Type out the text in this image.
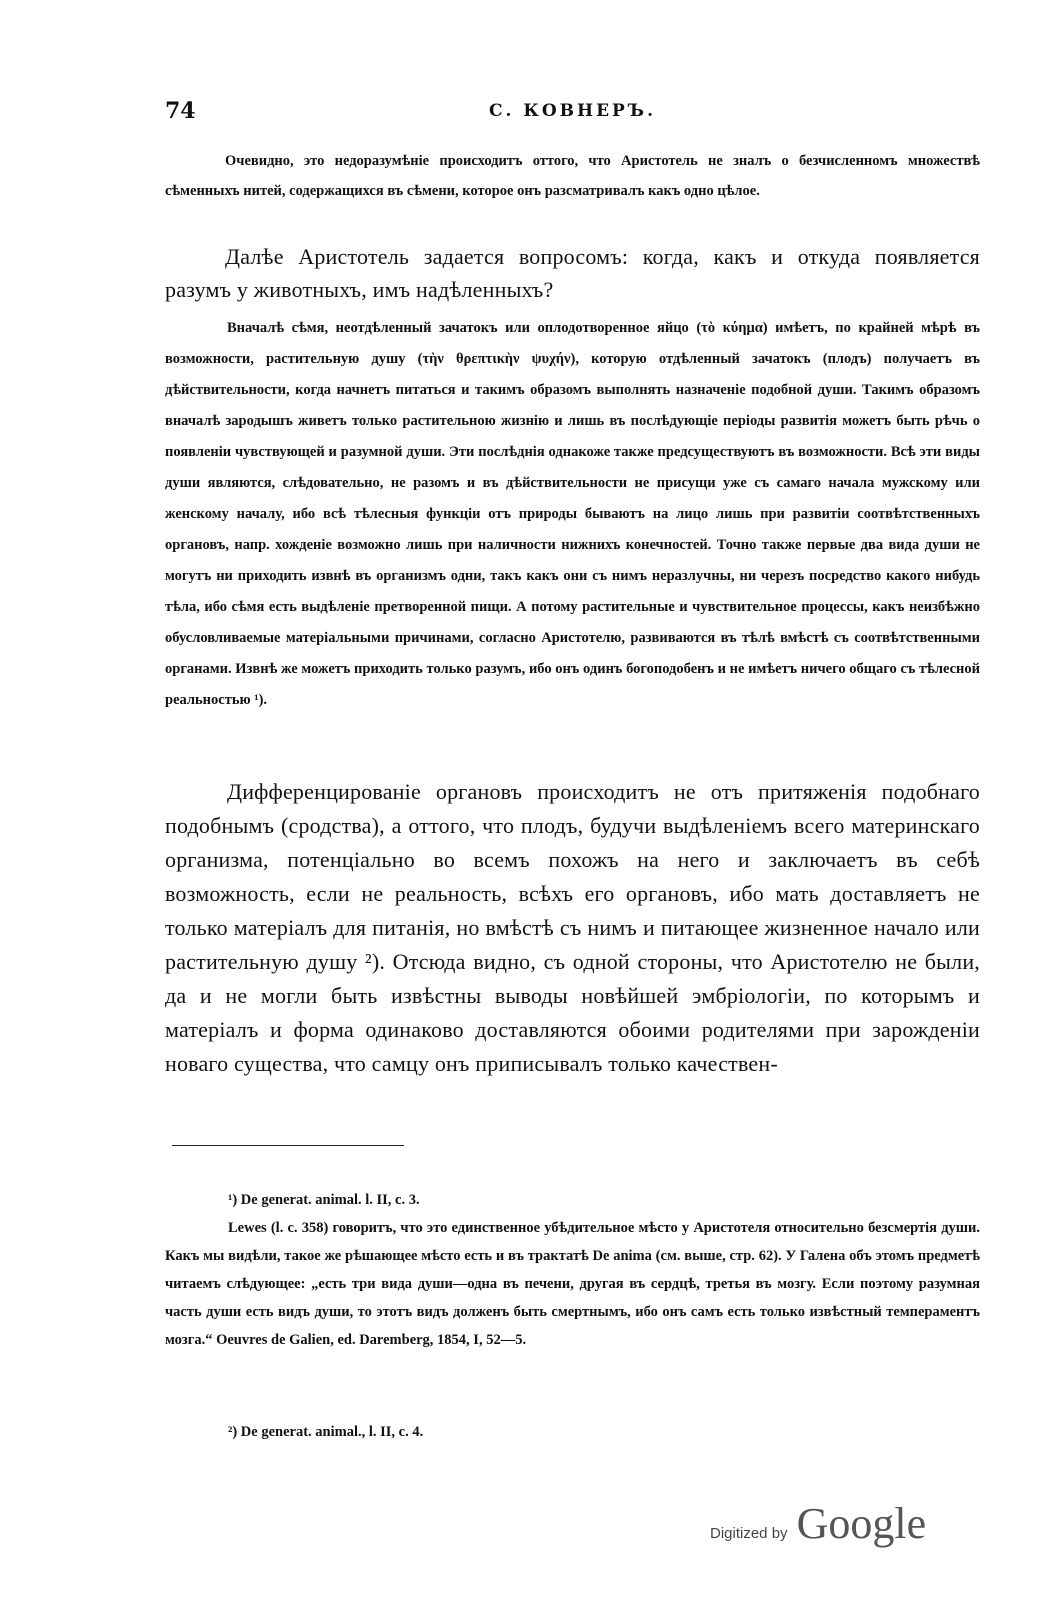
74	С. КОВНЕРЪ.

Очевидно, это недоразумѣніе происходитъ оттого, что Аристотель не зналъ о безчисленномъ множествѣ сѣменныхъ нитей, содержащихся въ сѣмени, которое онъ разсматривалъ какъ одно цѣлое.

Далѣе Аристотель задается вопросомъ: когда, какъ и откуда появляется разумъ у животныхъ, имъ надѣленныхъ?

Вначалѣ сѣмя, неотдѣленный зачатокъ или оплодотворенное яйцо (τὸ κύημα) имѣетъ, по крайней мѣрѣ въ возможности, растительную душу (τὴν θρεπτικὴν ψυχήν), которую отдѣленный зачатокъ (плодъ) получаетъ въ дѣйствительности, когда начнетъ питаться и такимъ образомъ выполнять назначеніе подобной души. Такимъ образомъ вначалѣ зародышъ живетъ только растительною жизнію и лишь въ послѣдующіе періоды развитія можетъ быть рѣчь о появленіи чувствующей и разумной души. Эти послѣднія однакоже также предсуществуютъ въ возможности. Всѣ эти виды души являются, слѣдовательно, не разомъ и въ дѣйствительности не присущи уже съ самаго начала мужскому или женскому началу, ибо всѣ тѣлесныя функціи отъ природы бываютъ на лицо лишь при развитіи соотвѣтственныхъ органовъ, напр. хожденіе возможно лишь при наличности нижнихъ конечностей. Точно также первые два вида души не могутъ ни приходить извнѣ въ организмъ одни, такъ какъ они съ нимъ неразлучны, ни черезъ посредство какого нибудь тѣла, ибо сѣмя есть выдѣленіе претворенной пищи. А потому растительные и чувствительное процессы, какъ неизбѣжно обусловливаемые матеріальными причинами, согласно Аристотелю, развиваются въ тѣлѣ вмѣстѣ съ соотвѣтственными органами. Извнѣ же можетъ приходить только разумъ, ибо онъ одинъ богоподобенъ и не имѣетъ ничего общаго съ тѣлесной реальностью ¹).

Дифференцированіе органовъ происходитъ не отъ притяженія подобнаго подобнымъ (сродства), а оттого, что плодъ, будучи выдѣленіемъ всего материнскаго организма, потенціально во всемъ похожъ на него и заключаетъ въ себѣ возможность, если не реальность, всѣхъ его органовъ, ибо мать доставляетъ не только матеріалъ для питанія, но вмѣстѣ съ нимъ и питающее жизненное начало или растительную душу ²). Отсюда видно, съ одной стороны, что Аристотелю не были, да и не могли быть извѣстны выводы новѣйшей эмбріологіи, по которымъ и матеріалъ и форма одинаково доставляются обоими родителями при зарожденіи новаго существа, что самцу онъ приписывалъ только качествен-

¹) De generat. animal. l. II, c. 3.

Lewes (l. c. 358) говоритъ, что это единственное убѣдительное мѣсто у Аристотеля относительно безсмертія души. Какъ мы видѣли, такое же рѣшающее мѣсто есть и въ трактатѣ De anima (см. выше, стр. 62). У Галена объ этомъ предметѣ читаемъ слѣдующее: „есть три вида души—одна въ печени, другая въ сердцѣ, третья въ мозгу. Если поэтому разумная часть души есть видъ души, то этотъ видъ долженъ быть смертнымъ, ибо онъ самъ есть только извѣстный темпераментъ мозга.“ Oeuvres de Galien, ed. Daremberg, 1854, I, 52—5.

²) De generat. animal., l. II, c. 4.

Digitized by Google
